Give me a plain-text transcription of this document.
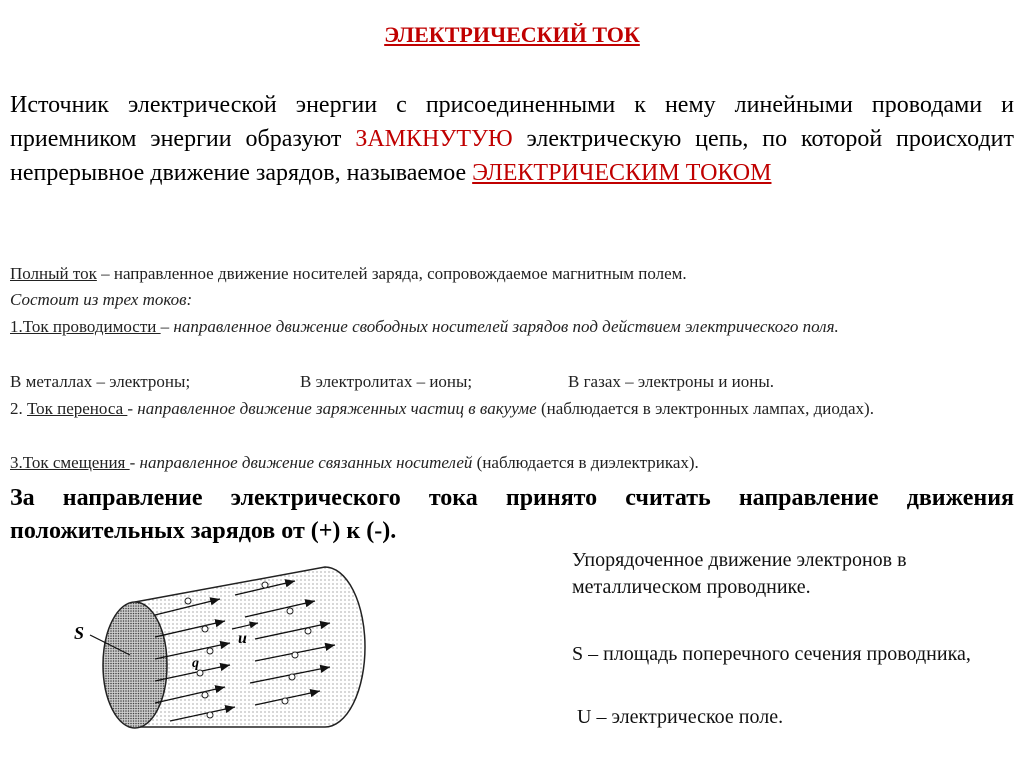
ЭЛЕКТРИЧЕСКИЙ ТОК
Источник электрической энергии с присоединенными к нему линейными проводами и приемником энергии образуют ЗАМКНУТУЮ электрическую цепь, по которой происходит непрерывное движение зарядов, называемое ЭЛЕКТРИЧЕСКИМ ТОКОМ
Полный ток – направленное движение носителей заряда, сопровождаемое магнитным полем.
Состоит из трех токов:
1.Ток проводимости – направленное движение свободных носителей зарядов под действием электрического поля.
В металлах – электроны;	В электролитах – ионы;	В газах – электроны и ионы.
2. Ток переноса - направленное движение заряженных частиц в вакууме (наблюдается в электронных лампах, диодах).
3.Ток смещения - направленное движение связанных носителей (наблюдается в диэлектриках).
За направление электрического тока принято считать направление движения положительных зарядов от (+) к (-).
Упорядоченное движение электронов в металлическом проводнике.
S – площадь поперечного сечения проводника,
U – электрическое поле.
u
q
S
